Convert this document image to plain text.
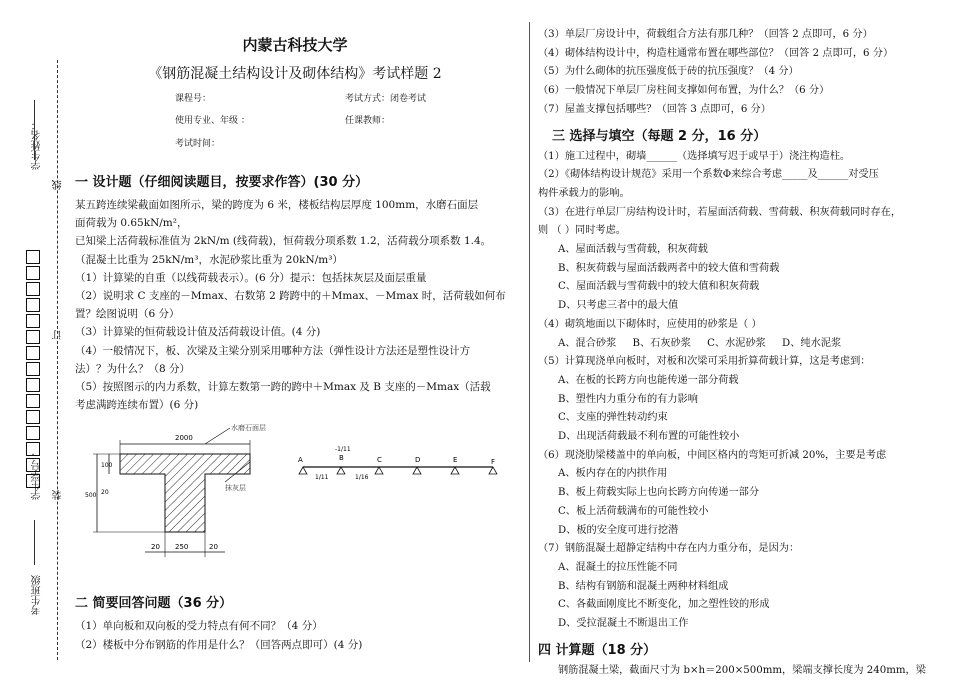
学生姓名：
学生学号：
考生班级
线
订
装
内蒙古科技大学
《钢筋混凝土结构设计及砌体结构》考试样题 2
课程号：	考试方式：闭卷考试
使用专业、年级 ：	任课教师：
考试时间：
一 设计题（仔细阅读题目，按要求作答）(30 分）

某五跨连续梁截面如图所示，梁的跨度为 6 米，楼板结构层厚度 100mm，水磨石面层

面荷载为 0.65kN/m²，

已知梁上活荷载标准值为 2kN/m (线荷载)，恒荷载分项系数 1.2，活荷载分项系数 1.4。

（混凝土比重为 25kN/m³，水泥砂浆比重为 20kN/m³）

（1）计算梁的自重（以线荷载表示）。(6 分）提示：包括抹灰层及面层重量

（2）说明求 C 支座的－Mmax、右数第 2 跨跨中的＋Mmax、－Mmax 时，活荷载如何布

置？绘图说明（6 分）

（3）计算梁的恒荷载设计值及活荷载设计值。(4 分)

（4）一般情况下，板、次梁及主梁分别采用哪种方法（弹性设计方法还是塑性设计方

法）？为什么？（8 分）

（5）按照图示的内力系数，计算左数第一跨的跨中＋Mmax 及 B 支座的－Mmax（活载

考虑满跨连续布置）(6 分)

2000
100
20
500
20 250	20
水磨石面层
抹灰层
A	B	C	D	E	F
-1/11
1/11	1/16
二 简要回答问题（36 分）

（1）单向板和双向板的受力特点有何不同？（4 分）

（2）楼板中分布钢筋的作用是什么？（回答两点即可）(4 分)

（3）单层厂房设计中，荷载组合方法有那几种？（回答 2 点即可，6 分）

（4）砌体结构设计中，构造柱通常布置在哪些部位？（回答 2 点即可，6 分）

（5）为什么砌体的抗压强度低于砖的抗压强度？（4 分）

（6）一般情况下单层厂房柱间支撑如何布置，为什么？（6 分）

（7）屋盖支撑包括哪些？（回答 3 点即可，6 分）

三 选择与填空（每题 2 分，16 分）

（1）施工过程中，砌墙______（选择填写迟于或早于）浇注构造柱。

（2）《砌体结构设计规范》采用一个系数Φ来综合考虑_____及______对受压

构件承载力的影响。

（3）在进行单层厂房结构设计时，若屋面活荷载、雪荷载、积灰荷载同时存在，

则 （ ）同时考虑。

A、屋面活载与雪荷载，积灰荷载

B、积灰荷载与屋面活载两者中的较大值和雪荷载

C、屋面活载与雪荷载中的较大值和积灰荷载

D、只考虑三者中的最大值

（4）砌筑地面以下砌体时，应使用的砂浆是（ ）

A、混合砂浆     B、石灰砂浆     C、水泥砂浆     D、纯水泥浆

（5）计算现浇单向板时，对板和次梁可采用折算荷载计算，这是考虑到：

A、在板的长跨方向也能传递一部分荷载

B、塑性内力重分布的有力影响

C、支座的弹性转动约束

D、出现活荷载最不利布置的可能性较小

（6）现浇肋梁楼盖中的单向板，中间区格内的弯矩可折减 20%，主要是考虑

A、板内存在的内拱作用

B、板上荷载实际上也向长跨方向传递一部分

C、板上活荷载满布的可能性较小

D、板的安全度可进行挖潜

（7）钢筋混凝土超静定结构中存在内力重分布，是因为：

A、混凝土的拉压性能不同

B、结构有钢筋和混凝土两种材料组成

C、各截面刚度比不断变化，加之塑性铰的形成

D、受拉混凝土不断退出工作

四 计算题（18 分）

钢筋混凝土梁，截面尺寸为 b×h＝200×500mm，梁端支撑长度为 240mm，梁
